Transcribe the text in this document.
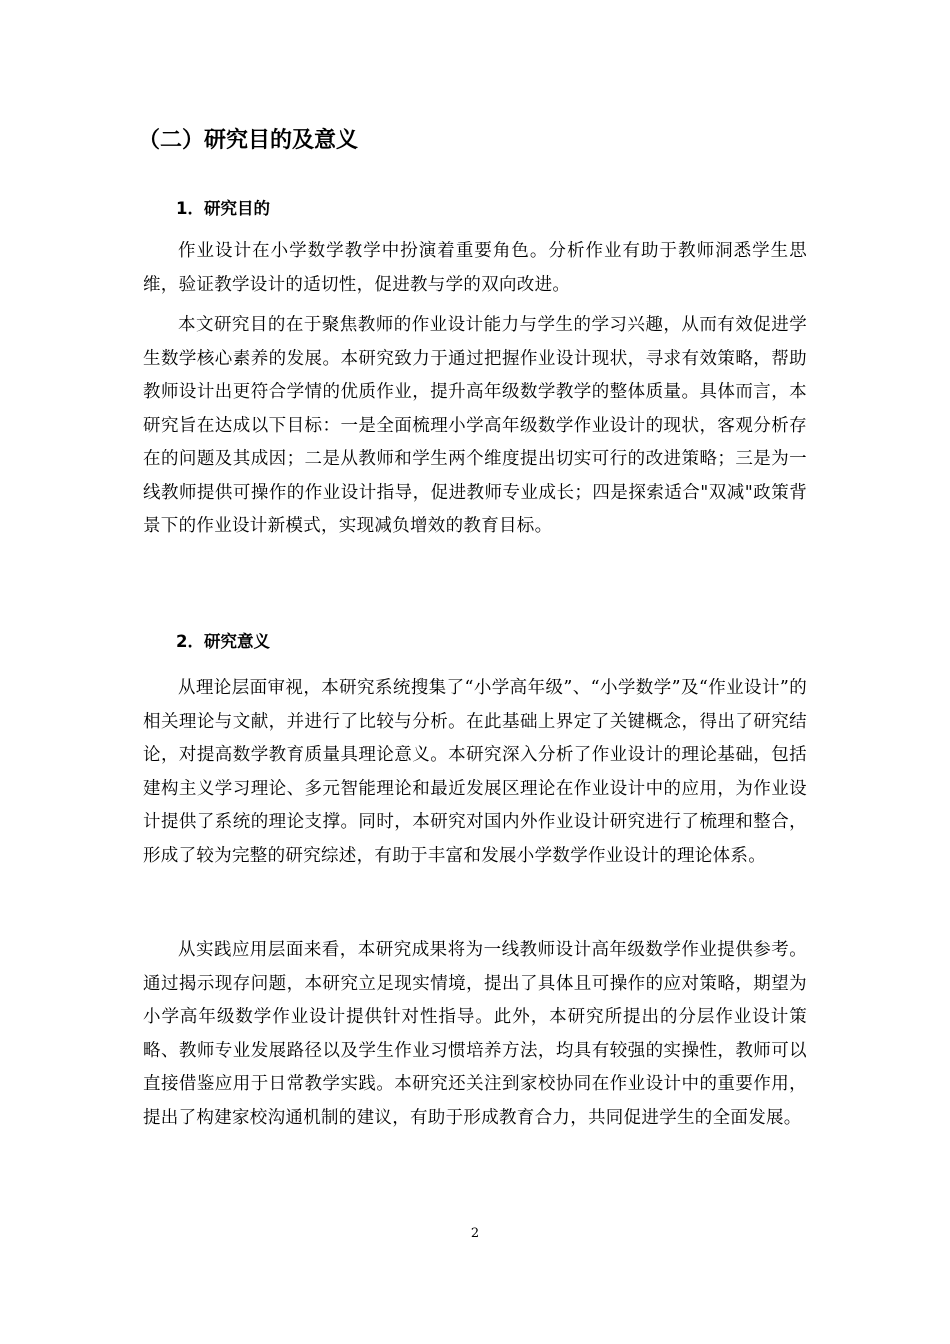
（二）研究目的及意义
1．研究目的

作业设计在小学数学教学中扮演着重要角色。分析作业有助于教师洞悉学生思维，验证教学设计的适切性，促进教与学的双向改进。

本文研究目的在于聚焦教师的作业设计能力与学生的学习兴趣，从而有效促进学生数学核心素养的发展。本研究致力于通过把握作业设计现状，寻求有效策略，帮助教师设计出更符合学情的优质作业，提升高年级数学教学的整体质量。具体而言，本研究旨在达成以下目标：一是全面梳理小学高年级数学作业设计的现状，客观分析存在的问题及其成因；二是从教师和学生两个维度提出切实可行的改进策略；三是为一线教师提供可操作的作业设计指导，促进教师专业成长；四是探索适合"双减"政策背景下的作业设计新模式，实现减负增效的教育目标。

2．研究意义

从理论层面审视，本研究系统搜集了“小学高年级”、“小学数学”及“作业设计”的相关理论与文献，并进行了比较与分析。在此基础上界定了关键概念，得出了研究结论，对提高数学教育质量具理论意义。本研究深入分析了作业设计的理论基础，包括建构主义学习理论、多元智能理论和最近发展区理论在作业设计中的应用，为作业设计提供了系统的理论支撑。同时，本研究对国内外作业设计研究进行了梳理和整合，形成了较为完整的研究综述，有助于丰富和发展小学数学作业设计的理论体系。

从实践应用层面来看，本研究成果将为一线教师设计高年级数学作业提供参考。通过揭示现存问题，本研究立足现实情境，提出了具体且可操作的应对策略，期望为小学高年级数学作业设计提供针对性指导。此外，本研究所提出的分层作业设计策略、教师专业发展路径以及学生作业习惯培养方法，均具有较强的实操性，教师可以直接借鉴应用于日常教学实践。本研究还关注到家校协同在作业设计中的重要作用，提出了构建家校沟通机制的建议，有助于形成教育合力，共同促进学生的全面发展。

2
